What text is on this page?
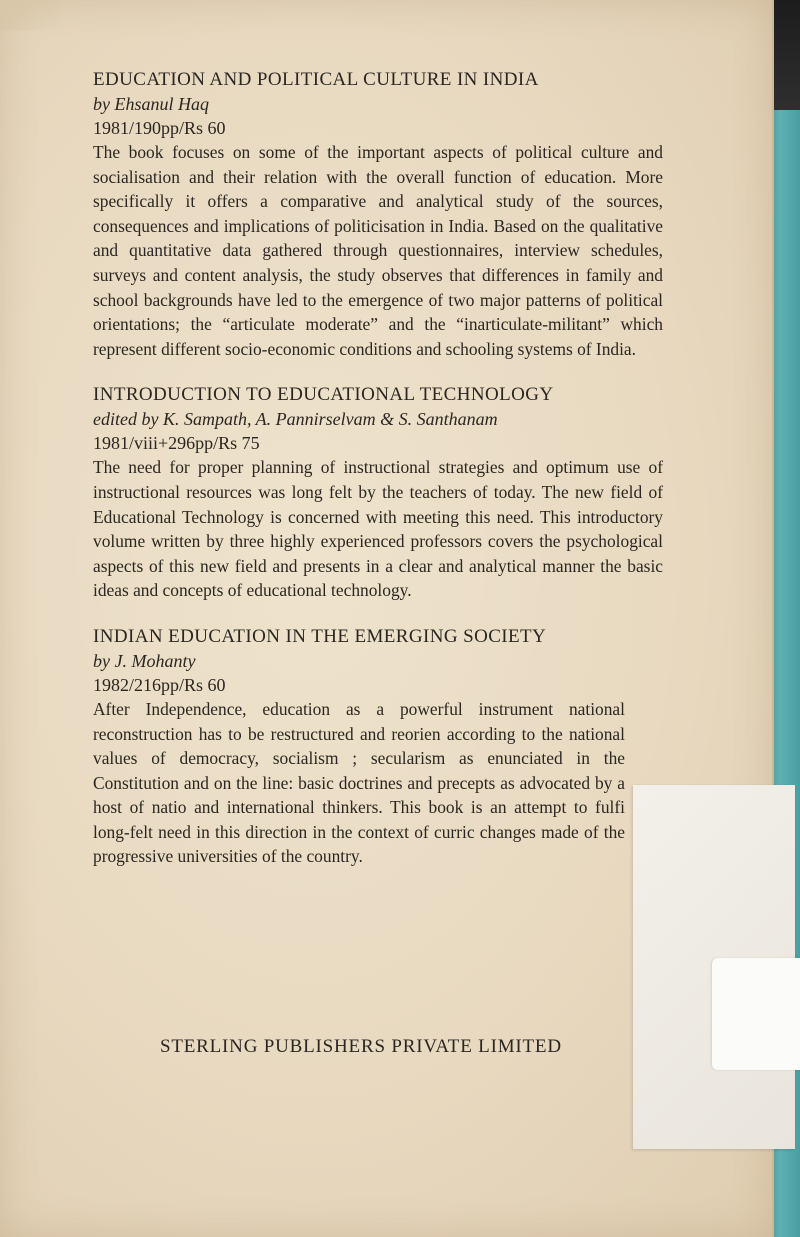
EDUCATION AND POLITICAL CULTURE IN INDIA

by Ehsanul Haq

1981/190pp/Rs 60

The book focuses on some of the important aspects of political culture and socialisation and their relation with the overall function of education. More specifically it offers a comparative and analytical study of the sources, consequences and implications of politicisation in India. Based on the qualitative and quantitative data gathered through questionnaires, interview schedules, surveys and content analysis, the study observes that differences in family and school backgrounds have led to the emergence of two major patterns of political orientations; the “articulate moderate” and the “inarticulate-militant” which represent different socio-economic conditions and schooling systems of India.

INTRODUCTION TO EDUCATIONAL TECHNOLOGY

edited by K. Sampath, A. Pannirselvam & S. Santhanam

1981/viii+296pp/Rs 75

The need for proper planning of instructional strategies and optimum use of instructional resources was long felt by the teachers of today. The new field of Educational Technology is concerned with meeting this need. This introductory volume written by three highly experienced professors covers the psychological aspects of this new field and presents in a clear and analytical manner the basic ideas and concepts of educational technology.

INDIAN EDUCATION IN THE EMERGING SOCIETY

by J. Mohanty

1982/216pp/Rs 60

After Independence, education as a powerful instrument national reconstruction has to be restructured and reorien according to the national values of democracy, socialism ; secularism as enunciated in the Constitution and on the line: basic doctrines and precepts as advocated by a host of natio and international thinkers. This book is an attempt to fulfi long-felt need in this direction in the context of curric changes made of the progressive universities of the country.

STERLING PUBLISHERS PRIVATE LIMITED
